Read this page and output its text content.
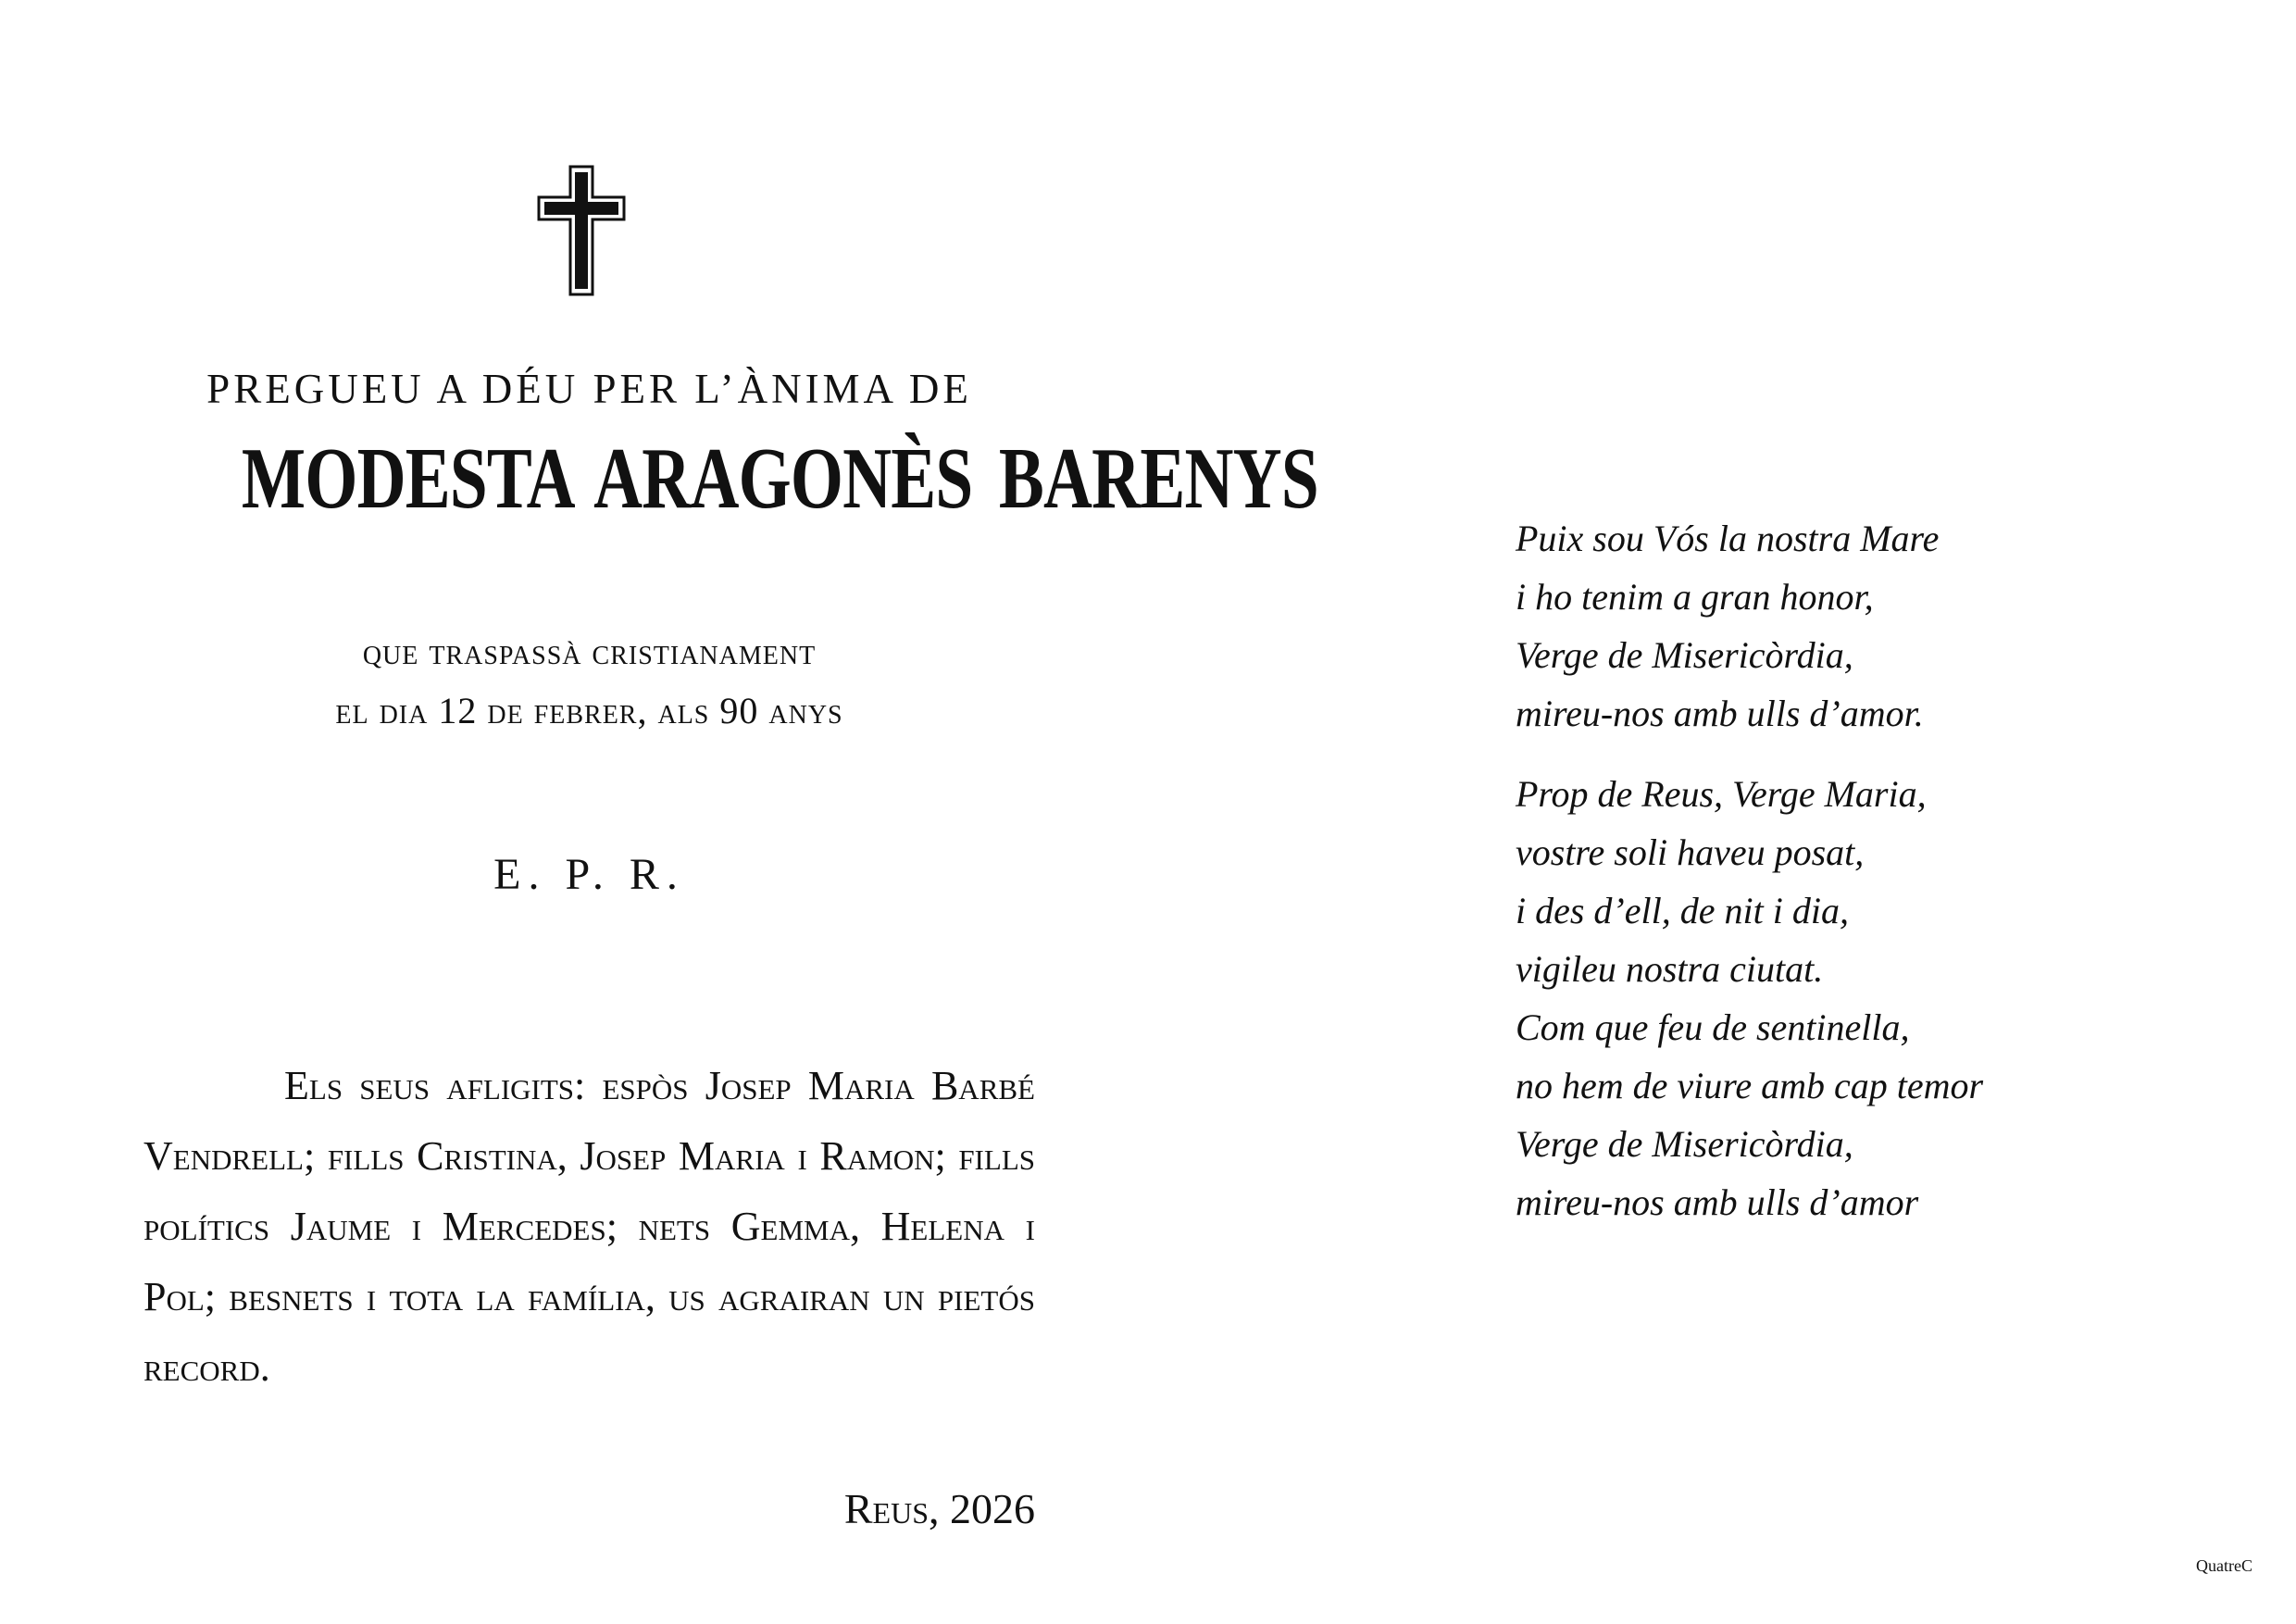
PREGUEU A DÉU PER L’ÀNIMA DE
MODESTA ARAGONÈS BARENYS
que traspassà cristianament
el dia 12 de febrer, als 90 anys
E. P. R.

Els seus afligits: espòs Josep Maria Barbé Vendrell; fills Cristina, Josep Maria i Ramon; fills polítics Jaume i Mercedes; nets Gemma, Helena i Pol; besnets i tota la família, us agrairan un pietós record.

Reus, 2026

Puix sou Vós la nostra Mare
i ho tenim a gran honor,
Verge de Misericòrdia,
mireu-nos amb ulls d’amor.

Prop de Reus, Verge Maria,
vostre soli haveu posat,
i des d’ell, de nit i dia,
vigileu nostra ciutat.
Com que feu de sentinella,
no hem de viure amb cap temor
Verge de Misericòrdia,
mireu-nos amb ulls d’amor

QuatreC
